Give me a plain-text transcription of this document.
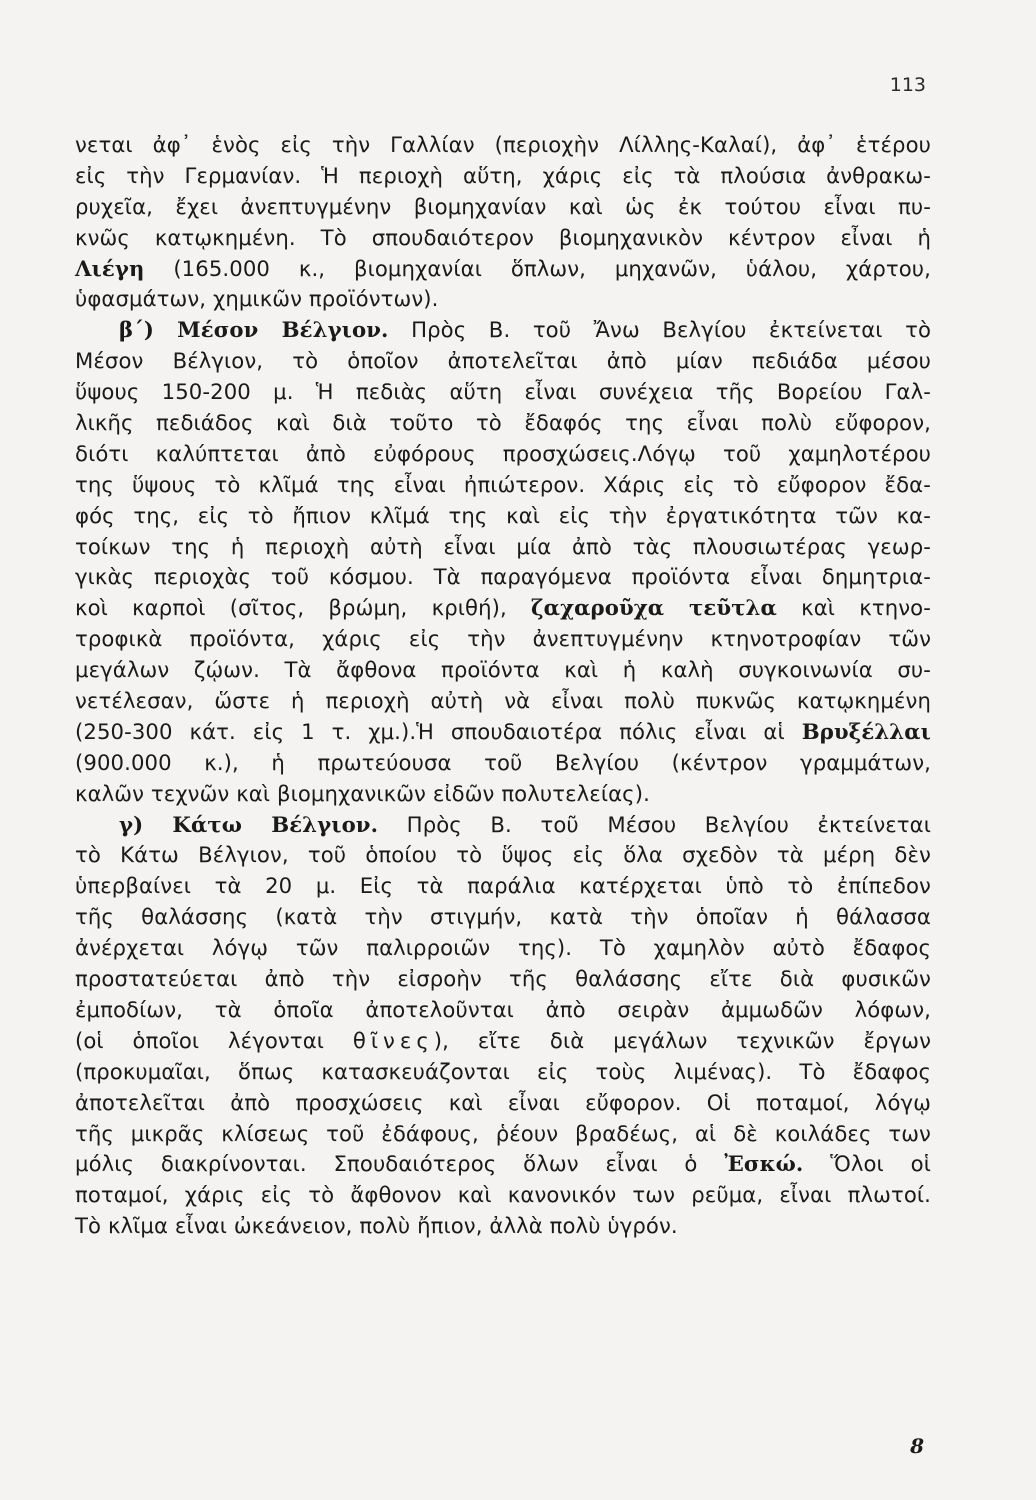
113
νεται ἀφ᾽ ἑνὸς εἰς τὴν Γαλλίαν (περιοχὴν Λίλλης-Καλαί), ἀφ᾽ ἑτέρου
εἰς τὴν Γερμανίαν. Ἡ περιοχὴ αὕτη, χάρις εἰς τὰ πλούσια ἀνθρακω-
ρυχεῖα, ἔχει ἀνεπτυγμένην βιομηχανίαν καὶ ὡς ἐκ τούτου εἶναι πυ-
κνῶς κατῳκημένη. Τὸ σπουδαιότερον βιομηχανικὸν κέντρον εἶναι ἡ
Λιέγη (165.000 κ., βιομηχανίαι ὅπλων, μηχανῶν, ὑάλου, χάρτου,
ὑφασμάτων, χημικῶν προϊόντων).
β´) Μέσον Βέλγιον. Πρὸς Β. τοῦ Ἄνω Βελγίου ἐκτείνεται τὸ
Μέσον Βέλγιον, τὸ ὁποῖον ἀποτελεῖται ἀπὸ μίαν πεδιάδα μέσου
ὕψους 150-200 μ. Ἡ πεδιὰς αὕτη εἶναι συνέχεια τῆς Βορείου Γαλ-
λικῆς πεδιάδος καὶ διὰ τοῦτο τὸ ἔδαφός της εἶναι πολὺ εὔφορον,
διότι καλύπτεται ἀπὸ εὐφόρους προσχώσεις.Λόγῳ τοῦ χαμηλοτέρου
της ὕψους τὸ κλῖμά της εἶναι ἠπιώτερον. Χάρις εἰς τὸ εὔφορον ἔδα-
φός της, εἰς τὸ ἤπιον κλῖμά της καὶ εἰς τὴν ἐργατικότητα τῶν κα-
τοίκων της ἡ περιοχὴ αὐτὴ εἶναι μία ἀπὸ τὰς πλουσιωτέρας γεωρ-
γικὰς περιοχὰς τοῦ κόσμου. Τὰ παραγόμενα προϊόντα εἶναι δημητρια-
κοὶ καρποὶ (σῖτος, βρώμη, κριθή), ζαχαροῦχα τεῦτλα καὶ κτηνο-
τροφικὰ προϊόντα, χάρις εἰς τὴν ἀνεπτυγμένην κτηνοτροφίαν τῶν
μεγάλων ζῴων. Τὰ ἄφθονα προϊόντα καὶ ἡ καλὴ συγκοινωνία συ-
νετέλεσαν, ὥστε ἡ περιοχὴ αὐτὴ νὰ εἶναι πολὺ πυκνῶς κατῳκημένη
(250-300 κάτ. εἰς 1 τ. χμ.).Ἡ σπουδαιοτέρα πόλις εἶναι αἱ Βρυξέλλαι
(900.000 κ.), ἡ πρωτεύουσα τοῦ Βελγίου (κέντρον γραμμάτων,
καλῶν τεχνῶν καὶ βιομηχανικῶν εἰδῶν πολυτελείας).
γ) Κάτω Βέλγιον. Πρὸς Β. τοῦ Μέσου Βελγίου ἐκτείνεται
τὸ Κάτω Βέλγιον, τοῦ ὁποίου τὸ ὕψος εἰς ὅλα σχεδὸν τὰ μέρη δὲν
ὑπερβαίνει τὰ 20 μ. Εἰς τὰ παράλια κατέρχεται ὑπὸ τὸ ἐπίπεδον
τῆς θαλάσσης (κατὰ τὴν στιγμήν, κατὰ τὴν ὁποῖαν ἡ θάλασσα
ἀνέρχεται λόγῳ τῶν παλιρροιῶν της). Τὸ χαμηλὸν αὐτὸ ἔδαφος
προστατεύεται ἀπὸ τὴν εἰσροὴν τῆς θαλάσσης εἴτε διὰ φυσικῶν
ἐμποδίων, τὰ ὁποῖα ἀποτελοῦνται ἀπὸ σειρὰν ἀμμωδῶν λόφων,
(οἱ ὁποῖοι λέγονται θῖνες), εἴτε διὰ μεγάλων τεχνικῶν ἔργων
(προκυμαῖαι, ὅπως κατασκευάζονται εἰς τοὺς λιμένας). Τὸ ἔδαφος
ἀποτελεῖται ἀπὸ προσχώσεις καὶ εἶναι εὔφορον. Οἱ ποταμοί, λόγῳ
τῆς μικρᾶς κλίσεως τοῦ ἐδάφους, ῥέουν βραδέως, αἱ δὲ κοιλάδες των
μόλις διακρίνονται. Σπουδαιότερος ὅλων εἶναι ὁ Ἐσκώ. Ὅλοι οἱ
ποταμοί, χάρις εἰς τὸ ἄφθονον καὶ κανονικόν των ρεῦμα, εἶναι πλωτοί.
Τὸ κλῖμα εἶναι ὠκεάνειον, πολὺ ἤπιον, ἀλλὰ πολὺ ὑγρόν.
8
